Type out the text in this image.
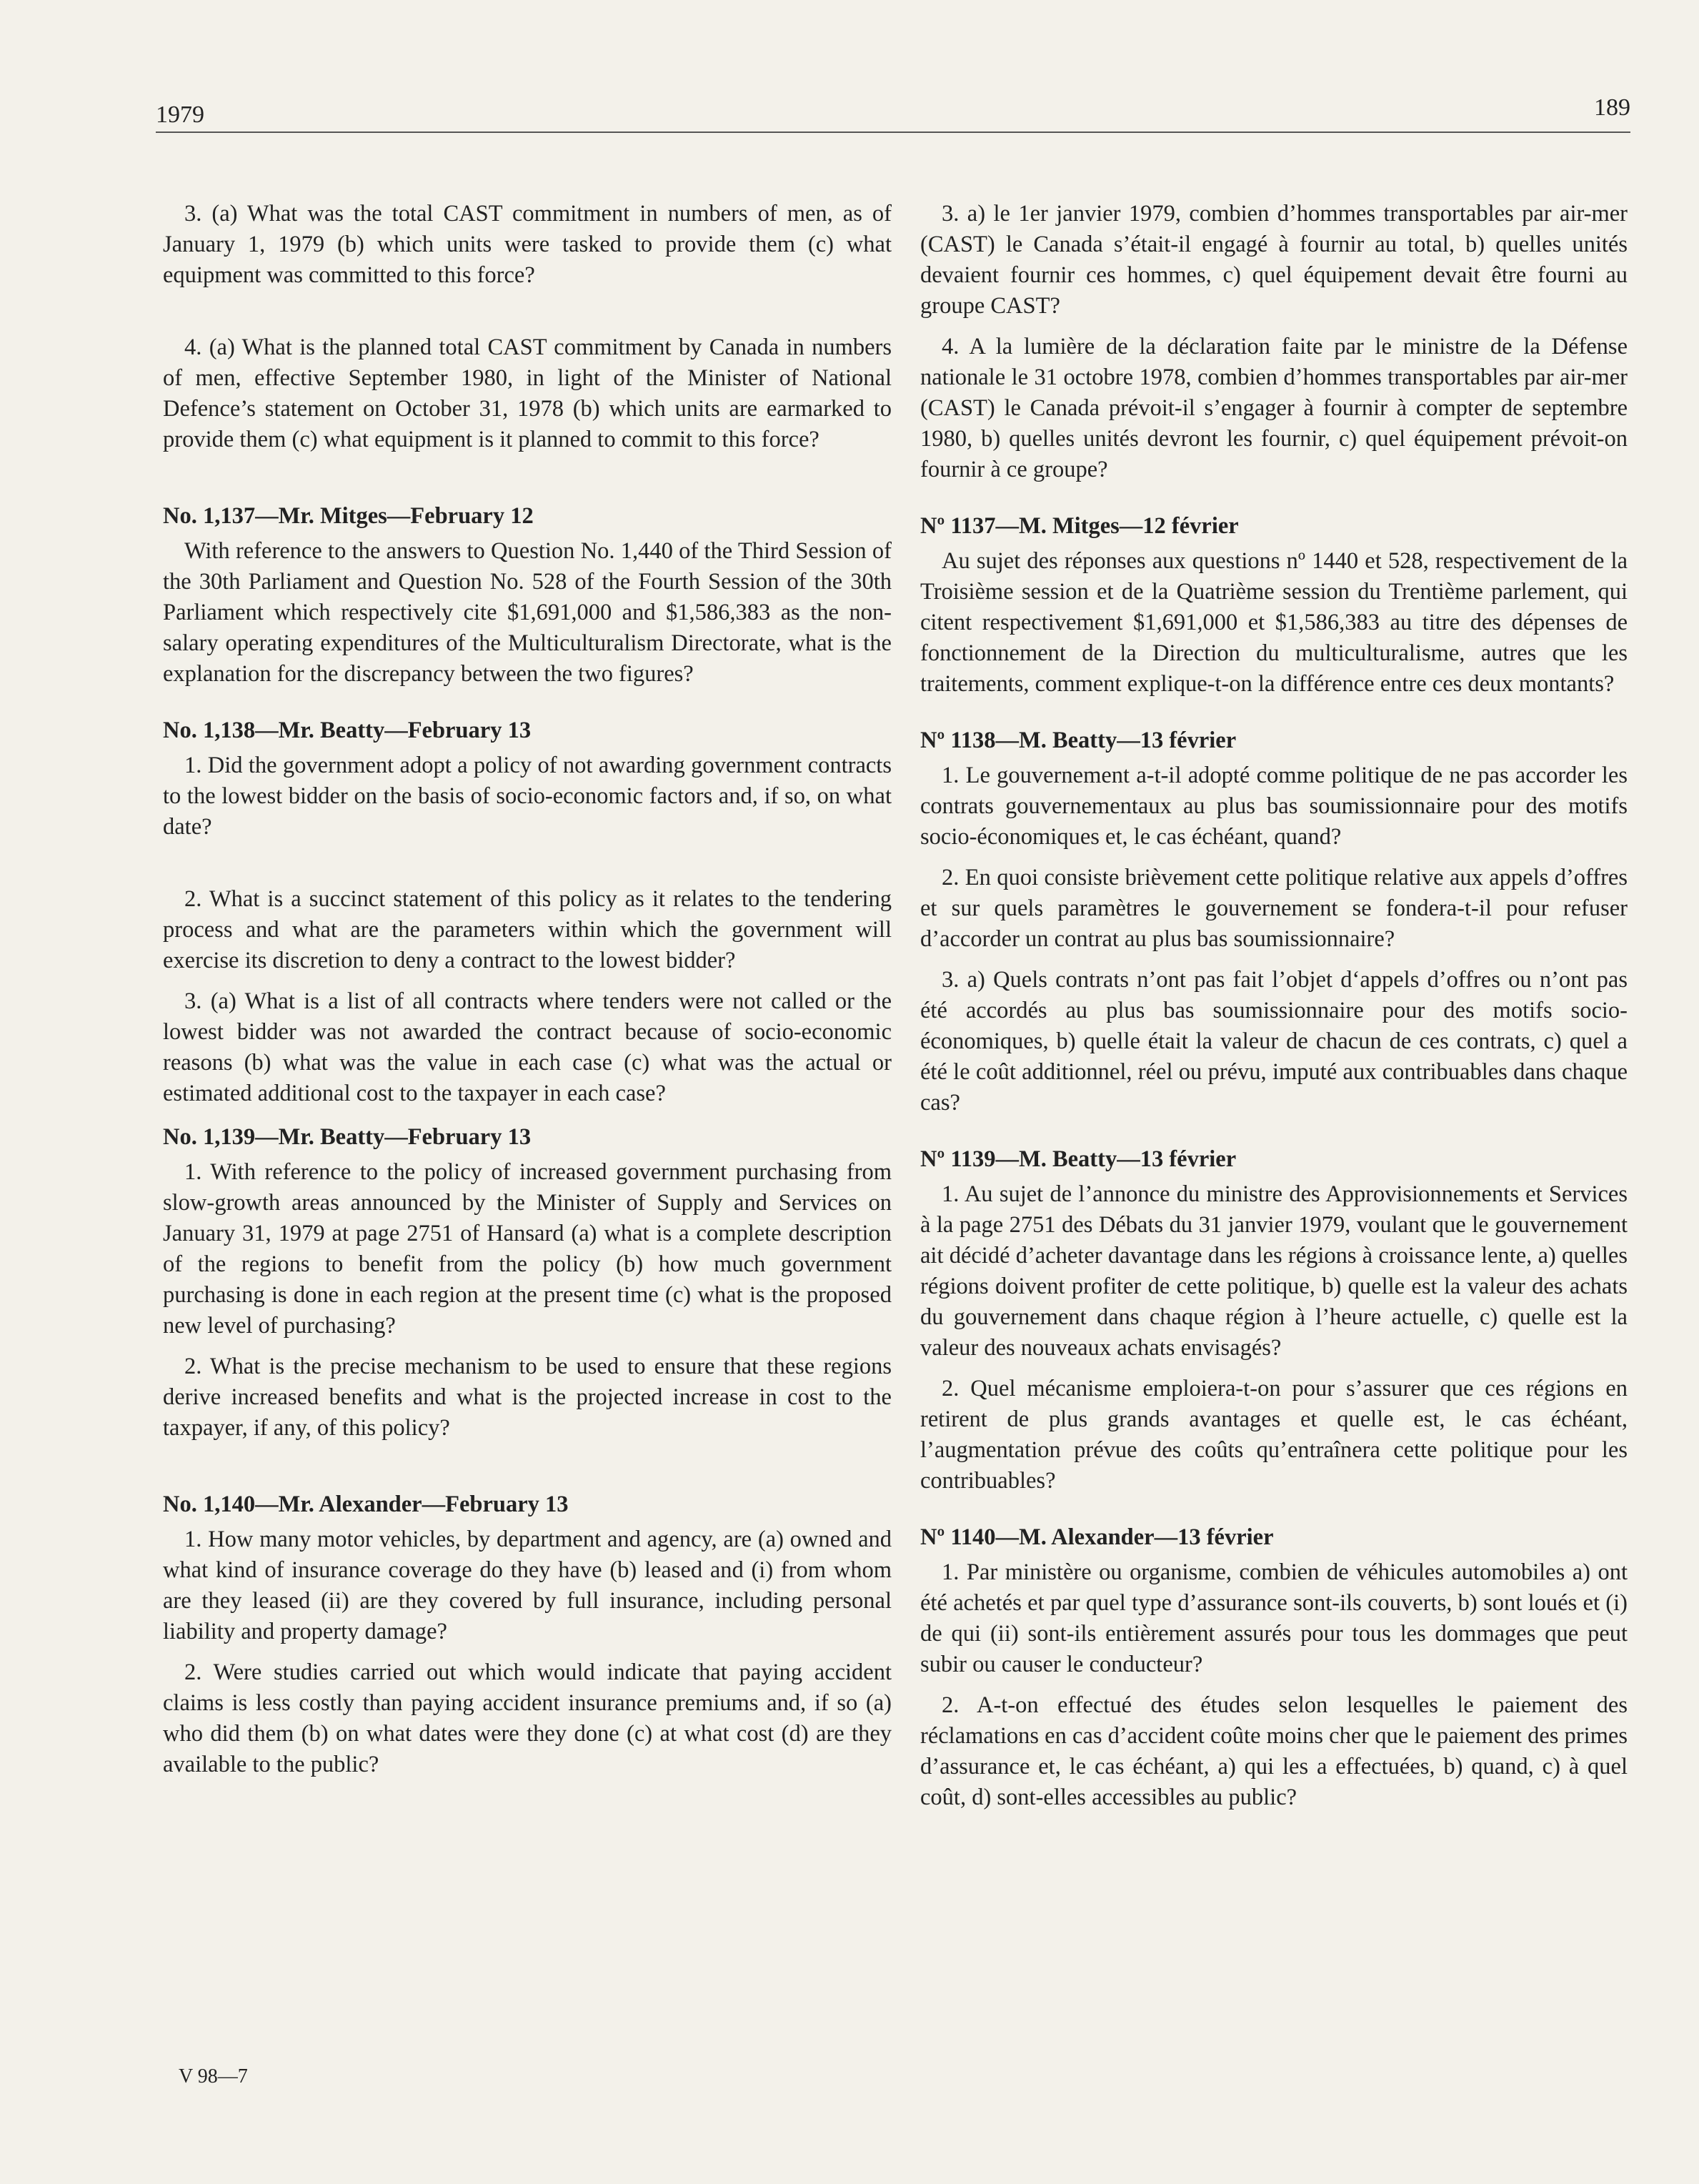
1979	189

3. (a) What was the total CAST commitment in numbers of men, as of January 1, 1979 (b) which units were tasked to provide them (c) what equipment was committed to this force?

4. (a) What is the planned total CAST commitment by Canada in numbers of men, effective September 1980, in light of the Minister of National Defence’s statement on October 31, 1978 (b) which units are earmarked to provide them (c) what equipment is it planned to commit to this force?

No. 1,137—Mr. Mitges—February 12

With reference to the answers to Question No. 1,440 of the Third Session of the 30th Parliament and Question No. 528 of the Fourth Session of the 30th Parliament which respectively cite $1,691,000 and $1,586,383 as the non-salary operating expenditures of the Multiculturalism Directorate, what is the explanation for the discrepancy between the two figures?

No. 1,138—Mr. Beatty—February 13

1. Did the government adopt a policy of not awarding government contracts to the lowest bidder on the basis of socio-economic factors and, if so, on what date?

2. What is a succinct statement of this policy as it relates to the tendering process and what are the parameters within which the government will exercise its discretion to deny a contract to the lowest bidder?

3. (a) What is a list of all contracts where tenders were not called or the lowest bidder was not awarded the contract because of socio-economic reasons (b) what was the value in each case (c) what was the actual or estimated additional cost to the taxpayer in each case?

No. 1,139—Mr. Beatty—February 13

1. With reference to the policy of increased government purchasing from slow-growth areas announced by the Minister of Supply and Services on January 31, 1979 at page 2751 of Hansard (a) what is a complete description of the regions to benefit from the policy (b) how much government purchasing is done in each region at the present time (c) what is the proposed new level of purchasing?

2. What is the precise mechanism to be used to ensure that these regions derive increased benefits and what is the projected increase in cost to the taxpayer, if any, of this policy?

No. 1,140—Mr. Alexander—February 13

1. How many motor vehicles, by department and agency, are (a) owned and what kind of insurance coverage do they have (b) leased and (i) from whom are they leased (ii) are they covered by full insurance, including personal liability and property damage?

2. Were studies carried out which would indicate that paying accident claims is less costly than paying accident insurance premiums and, if so (a) who did them (b) on what dates were they done (c) at what cost (d) are they available to the public?

3. a) le 1er janvier 1979, combien d’hommes transportables par air-mer (CAST) le Canada s’était-il engagé à fournir au total, b) quelles unités devaient fournir ces hommes, c) quel équipement devait être fourni au groupe CAST?

4. A la lumière de la déclaration faite par le ministre de la Défense nationale le 31 octobre 1978, combien d’hommes transportables par air-mer (CAST) le Canada prévoit-il s’engager à fournir à compter de septembre 1980, b) quelles unités devront les fournir, c) quel équipement prévoit-on fournir à ce groupe?

Nº 1137—M. Mitges—12 février

Au sujet des réponses aux questions nº 1440 et 528, respectivement de la Troisième session et de la Quatrième session du Trentième parlement, qui citent respectivement $1,691,000 et $1,586,383 au titre des dépenses de fonctionnement de la Direction du multiculturalisme, autres que les traitements, comment explique-t-on la différence entre ces deux montants?

Nº 1138—M. Beatty—13 février

1. Le gouvernement a-t-il adopté comme politique de ne pas accorder les contrats gouvernementaux au plus bas soumissionnaire pour des motifs socio-économiques et, le cas échéant, quand?

2. En quoi consiste brièvement cette politique relative aux appels d’offres et sur quels paramètres le gouvernement se fondera-t-il pour refuser d’accorder un contrat au plus bas soumissionnaire?

3. a) Quels contrats n’ont pas fait l’objet d‘appels d’offres ou n’ont pas été accordés au plus bas soumissionnaire pour des motifs socio-économiques, b) quelle était la valeur de chacun de ces contrats, c) quel a été le coût additionnel, réel ou prévu, imputé aux contribuables dans chaque cas?

Nº 1139—M. Beatty—13 février

1. Au sujet de l’annonce du ministre des Approvisionnements et Services à la page 2751 des Débats du 31 janvier 1979, voulant que le gouvernement ait décidé d’acheter davantage dans les régions à croissance lente, a) quelles régions doivent profiter de cette politique, b) quelle est la valeur des achats du gouvernement dans chaque région à l’heure actuelle, c) quelle est la valeur des nouveaux achats envisagés?

2. Quel mécanisme emploiera-t-on pour s’assurer que ces régions en retirent de plus grands avantages et quelle est, le cas échéant, l’augmentation prévue des coûts qu’entraînera cette politique pour les contribuables?

Nº 1140—M. Alexander—13 février

1. Par ministère ou organisme, combien de véhicules automobiles a) ont été achetés et par quel type d’assurance sont-ils couverts, b) sont loués et (i) de qui (ii) sont-ils entièrement assurés pour tous les dommages que peut subir ou causer le conducteur?

2. A-t-on effectué des études selon lesquelles le paiement des réclamations en cas d’accident coûte moins cher que le paiement des primes d’assurance et, le cas échéant, a) qui les a effectuées, b) quand, c) à quel coût, d) sont-elles accessibles au public?

V 98—7
